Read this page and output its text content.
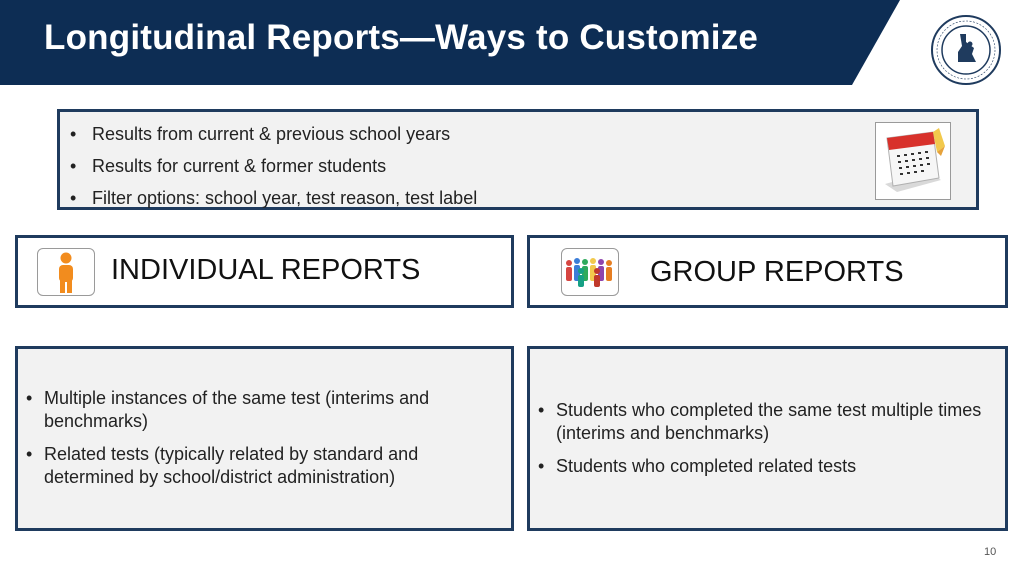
Longitudinal Reports—Ways to Customize
• Results from current & previous school years
• Results for current & former students
• Filter options: school year, test reason, test label
INDIVIDUAL REPORTS	GROUP REPORTS
• Multiple instances of the same test (interims and benchmarks)
• Related tests (typically related by standard and determined by school/district administration)
• Students who completed the same test multiple times (interims and benchmarks)
• Students who completed related tests
10
